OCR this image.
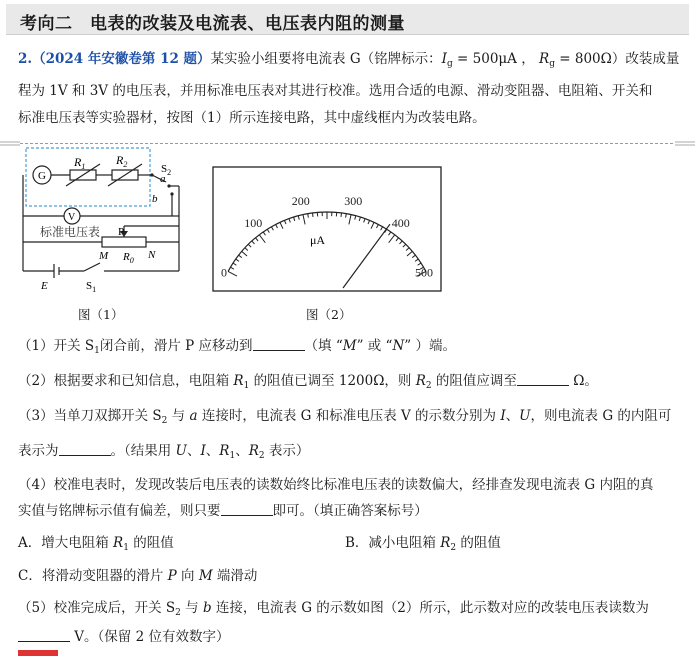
考向二　电表的改装及电流表、电压表内阻的测量
2.（2024 年安徽卷第 12 题）某实验小组要将电流表 G（铭牌标示：$I_g = 500\mu A$ ， $R_g = 800\Omega$）改装成量
程为 1V 和 3V 的电压表，并用标准电压表对其进行校准。选用合适的电源、滑动变阻器、电阻箱、开关和
标准电压表等实验器材，按图（1）所示连接电路，其中虚线框内为改装电路。
G
V
$R_1$	$R_2$	$S_2$
a
b
标准电压表 P
N
$R_0$
M
E	$S_1$
图（1）
0
100
200	300
400
500
μA
图（2）
（1）开关 $S_1$闭合前，滑片 P 应移动到	（填 “M” 或 “N” ）端。
（2）根据要求和已知信息，电阻箱 $R_1$ 的阻值已调至 1200Ω，则 $R_2$ 的阻值应调至	Ω。
（3）当单刀双掷开关 $S_2$ 与 a 连接时，电流表 G 和标准电压表 V 的示数分别为 I、U，则电流表 G 的内阻可
表示为	。（结果用 U、I、$R_1$、$R_2$ 表示）
（4）校准电表时，发现改装后电压表的读数始终比标准电压表的读数偏大，经排查发现电流表 G 内阻的真
实值与铭牌标示值有偏差，则只要	即可。（填正确答案标号）
A．增大电阻箱 $R_1$ 的阻值	B．减小电阻箱 $R_2$ 的阻值
C．将滑动变阻器的滑片 P 向 M 端滑动
（5）校准完成后，开关 $S_2$ 与 b 连接，电流表 G 的示数如图（2）所示，此示数对应的改装电压表读数为
V。（保留 2 位有效数字）
